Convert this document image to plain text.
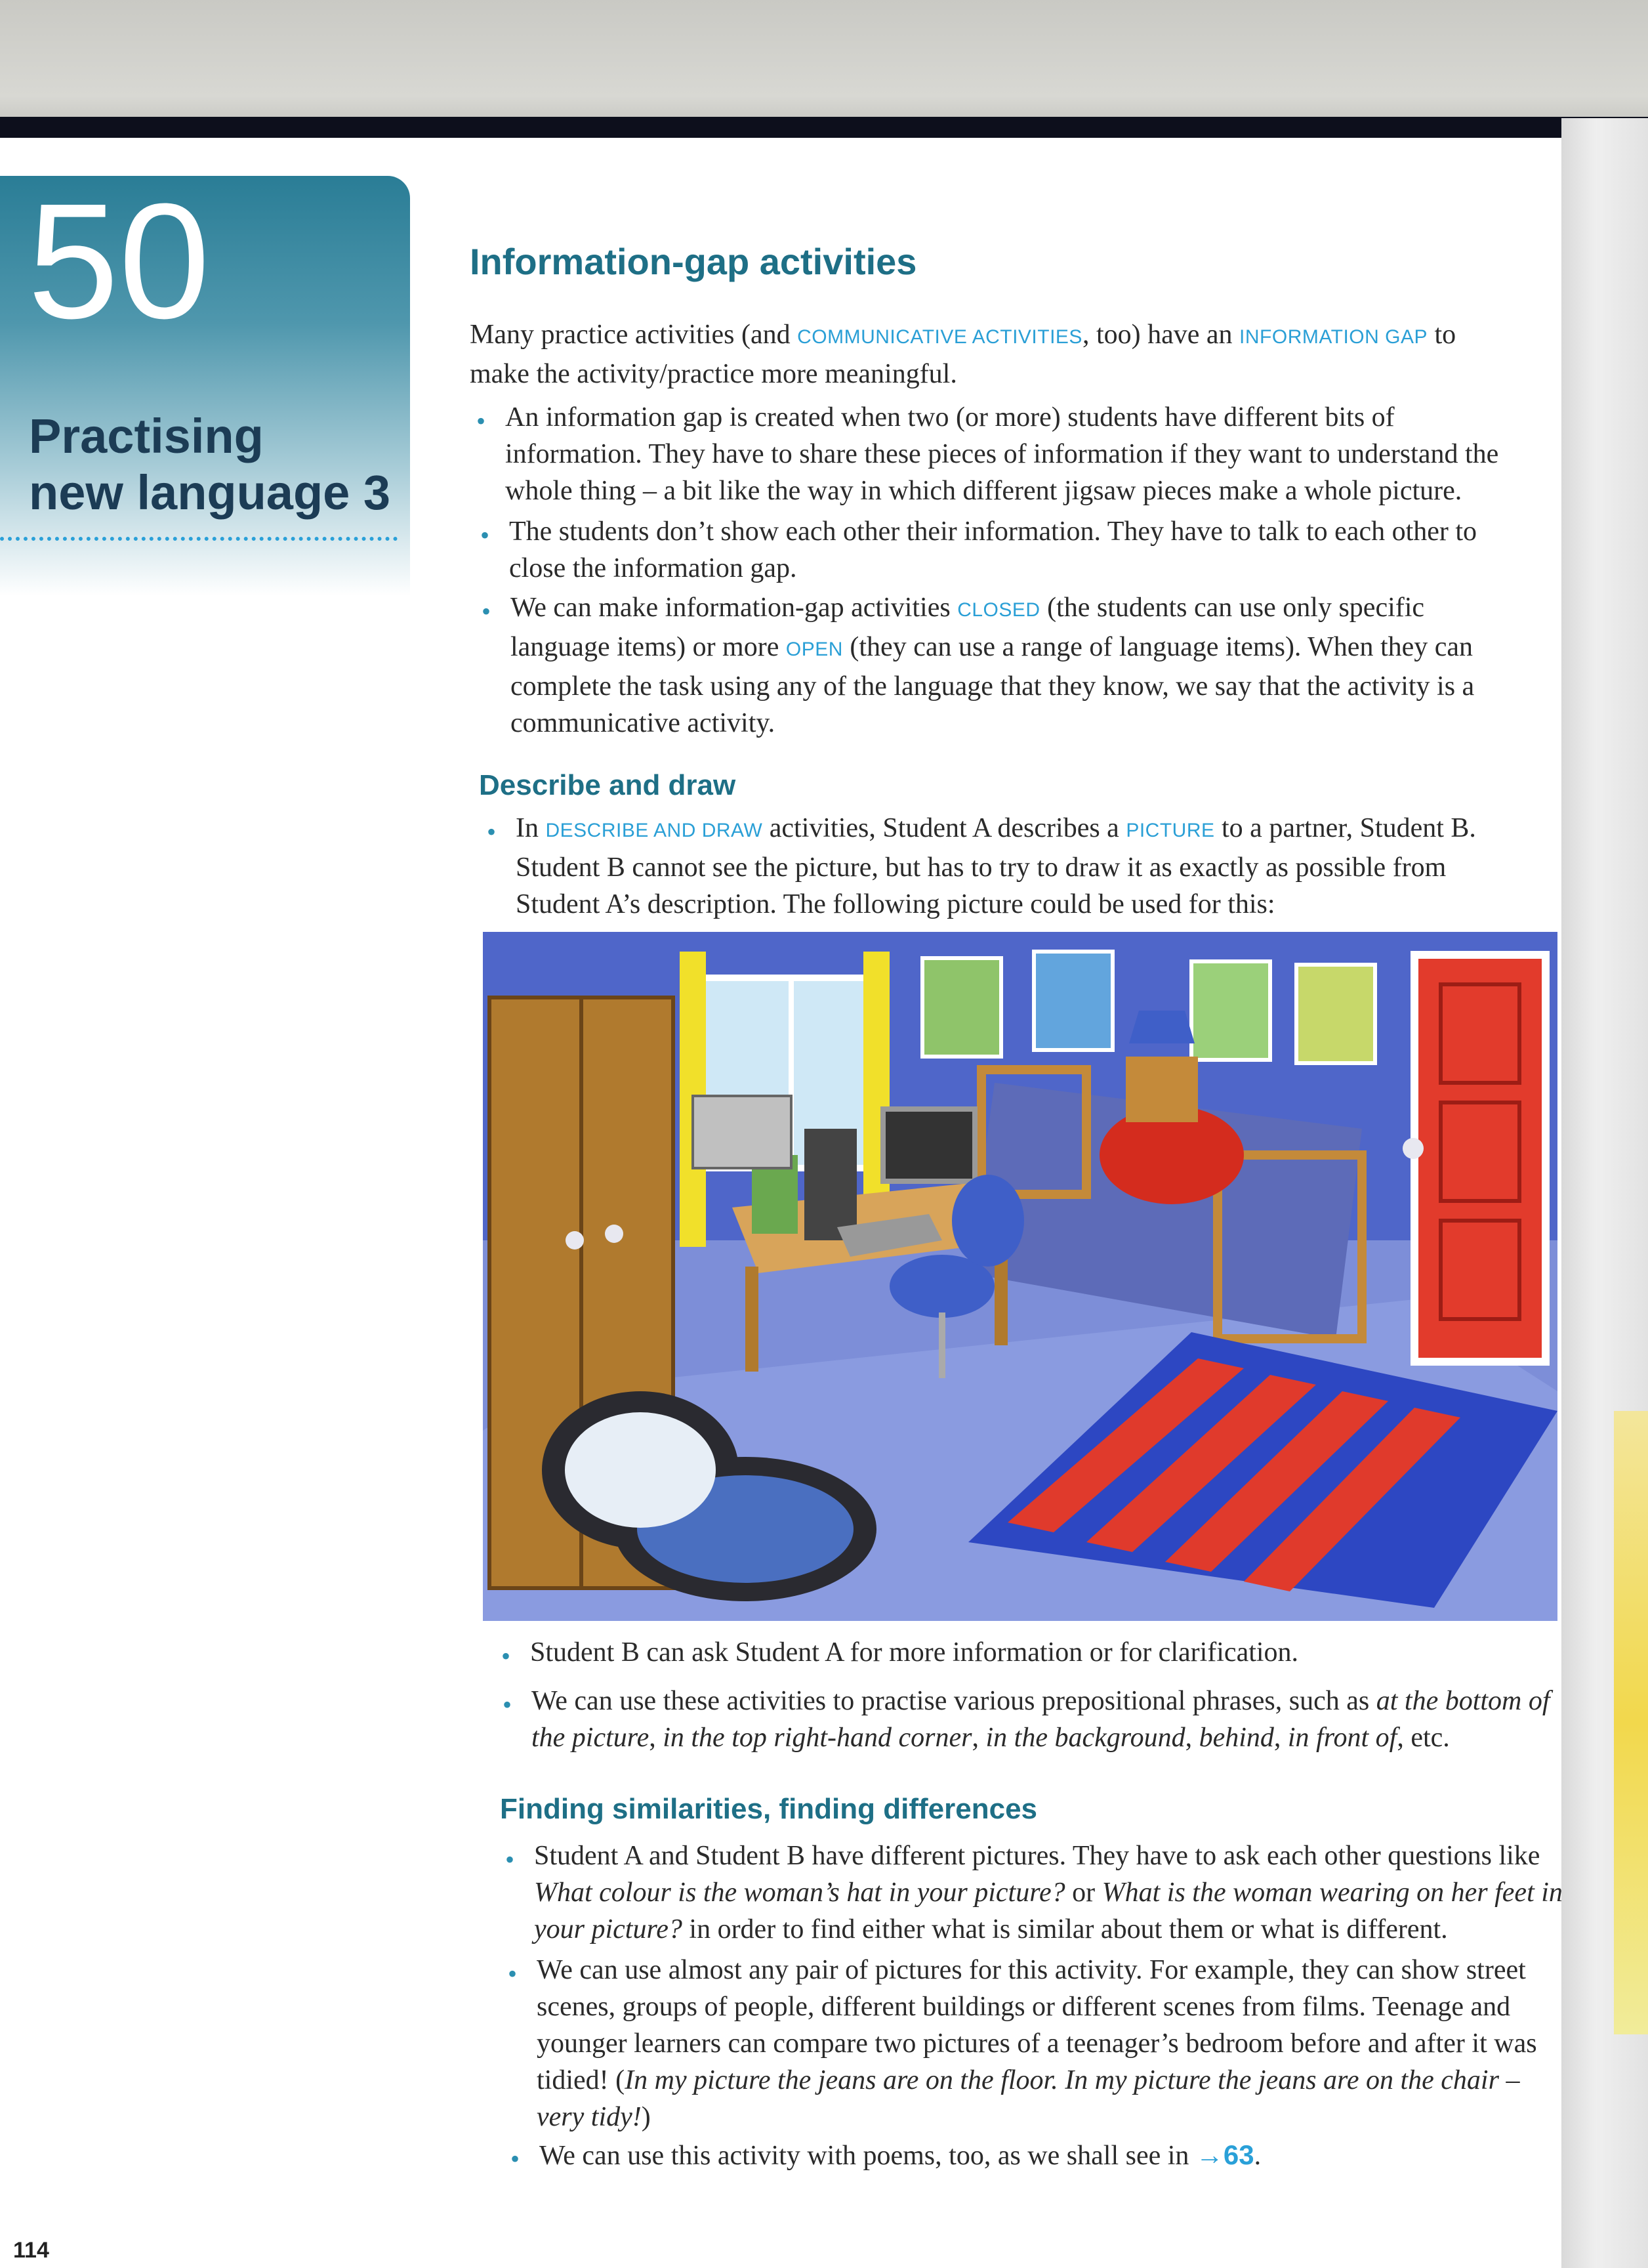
50
Practising
new language 3
Information-gap activities
Many practice activities (and COMMUNICATIVE ACTIVITIES, too) have an INFORMATION GAP to make the activity/practice more meaningful.
• An information gap is created when two (or more) students have different bits of information. They have to share these pieces of information if they want to understand the whole thing – a bit like the way in which different jigsaw pieces make a whole picture.
• The students don’t show each other their information. They have to talk to each other to close the information gap.
• We can make information-gap activities CLOSED (the students can use only specific language items) or more OPEN (they can use a range of language items). When they can complete the task using any of the language that they know, we say that the activity is a communicative activity.
Describe and draw
• In DESCRIBE AND DRAW activities, Student A describes a PICTURE to a partner, Student B. Student B cannot see the picture, but has to try to draw it as exactly as possible from Student A’s description. The following picture could be used for this:
• Student B can ask Student A for more information or for clarification.
• We can use these activities to practise various prepositional phrases, such as at the bottom of the picture, in the top right-hand corner, in the background, behind, in front of, etc.
Finding similarities, finding differences
• Student A and Student B have different pictures. They have to ask each other questions like What colour is the woman’s hat in your picture? or What is the woman wearing on her feet in your picture? in order to find either what is similar about them or what is different.
• We can use almost any pair of pictures for this activity. For example, they can show street scenes, groups of people, different buildings or different scenes from films. Teenage and younger learners can compare two pictures of a teenager’s bedroom before and after it was tidied! (In my picture the jeans are on the floor. In my picture the jeans are on the chair – very tidy!)
• We can use this activity with poems, too, as we shall see in →63.
114
